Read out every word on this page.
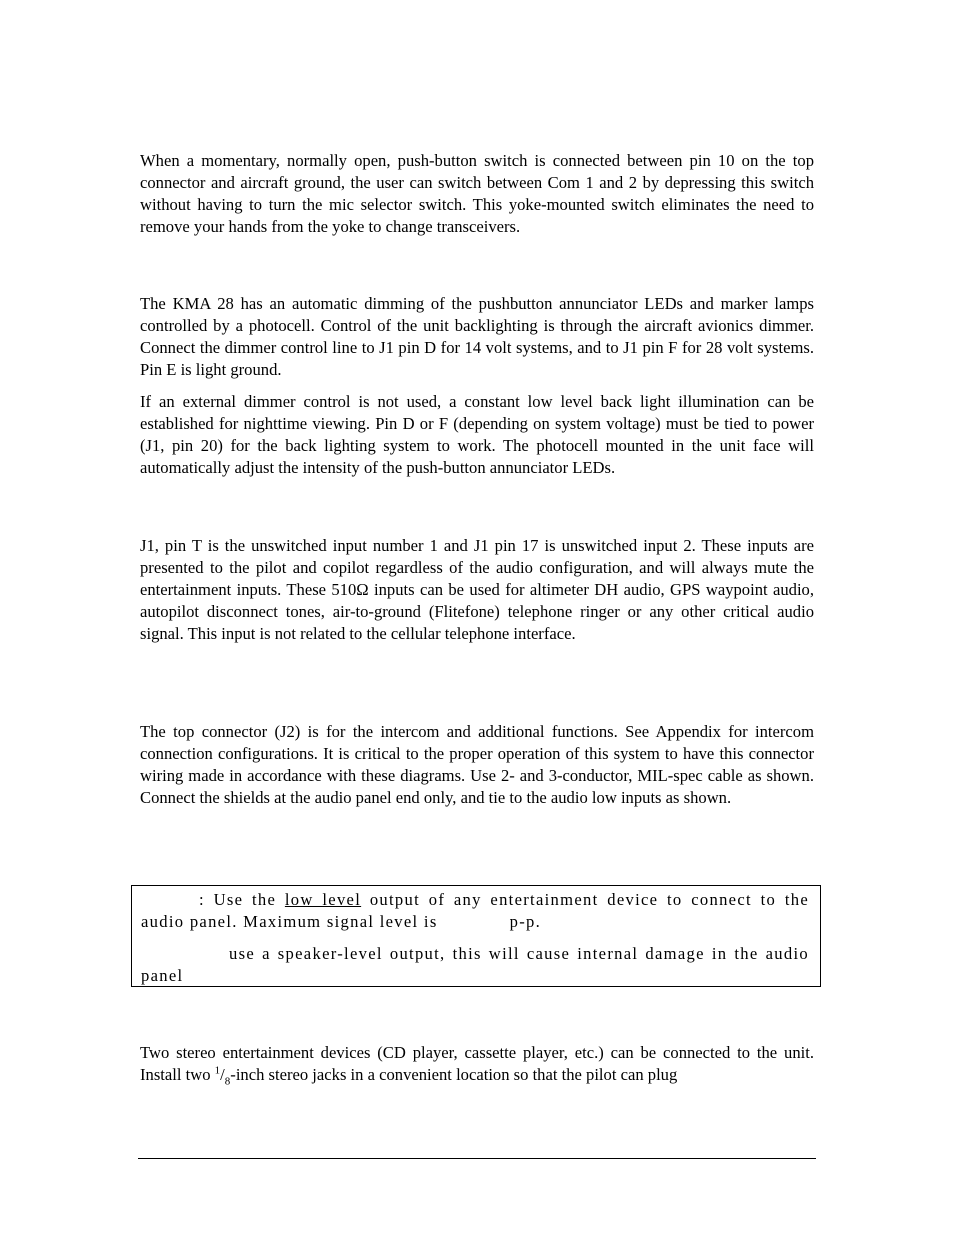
When a momentary, normally open, push-button switch is connected between pin 10 on the top connector and aircraft ground, the user can switch between Com 1 and 2 by depressing this switch without having to turn the mic selector switch. This yoke-mounted switch eliminates the need to remove your hands from the yoke to change transceivers.

The KMA 28 has an automatic dimming of the pushbutton annunciator LEDs and marker lamps controlled by a photocell. Control of the unit backlighting is through the aircraft avionics dimmer. Connect the dimmer control line to J1 pin D for 14 volt systems, and to J1 pin F for 28 volt systems. Pin E is light ground.

If an external dimmer control is not used, a constant low level back light illumination can be established for nighttime viewing. Pin D or F (depending on system voltage) must be tied to power (J1, pin 20) for the back lighting system to work. The photocell mounted in the unit face will automatically adjust the intensity of the push-button annunciator LEDs.

J1, pin T is the unswitched input number 1 and J1 pin 17 is unswitched input 2. These inputs are presented to the pilot and copilot regardless of the audio configuration, and will always mute the entertainment inputs. These 510Ω inputs can be used for altimeter DH audio, GPS waypoint audio, autopilot disconnect tones, air-to-ground (Flitefone) telephone ringer or any other critical audio signal. This input is not related to the cellular telephone interface.

The top connector (J2) is for the intercom and additional functions. See Appendix for intercom connection configurations. It is critical to the proper operation of this system to have this connector wiring made in accordance with these diagrams. Use 2- and 3-conductor, MIL-spec cable as shown. Connect the shields at the audio panel end only, and tie to the audio low inputs as shown.

: Use the low level output of any entertainment device to connect to the audio panel. Maximum signal level is	p-p.

use a speaker-level output, this will cause internal damage in the audio panel

Two stereo entertainment devices (CD player, cassette player, etc.) can be connected to the unit. Install two $^1/_8$-inch stereo jacks in a convenient location so that the pilot can plug
